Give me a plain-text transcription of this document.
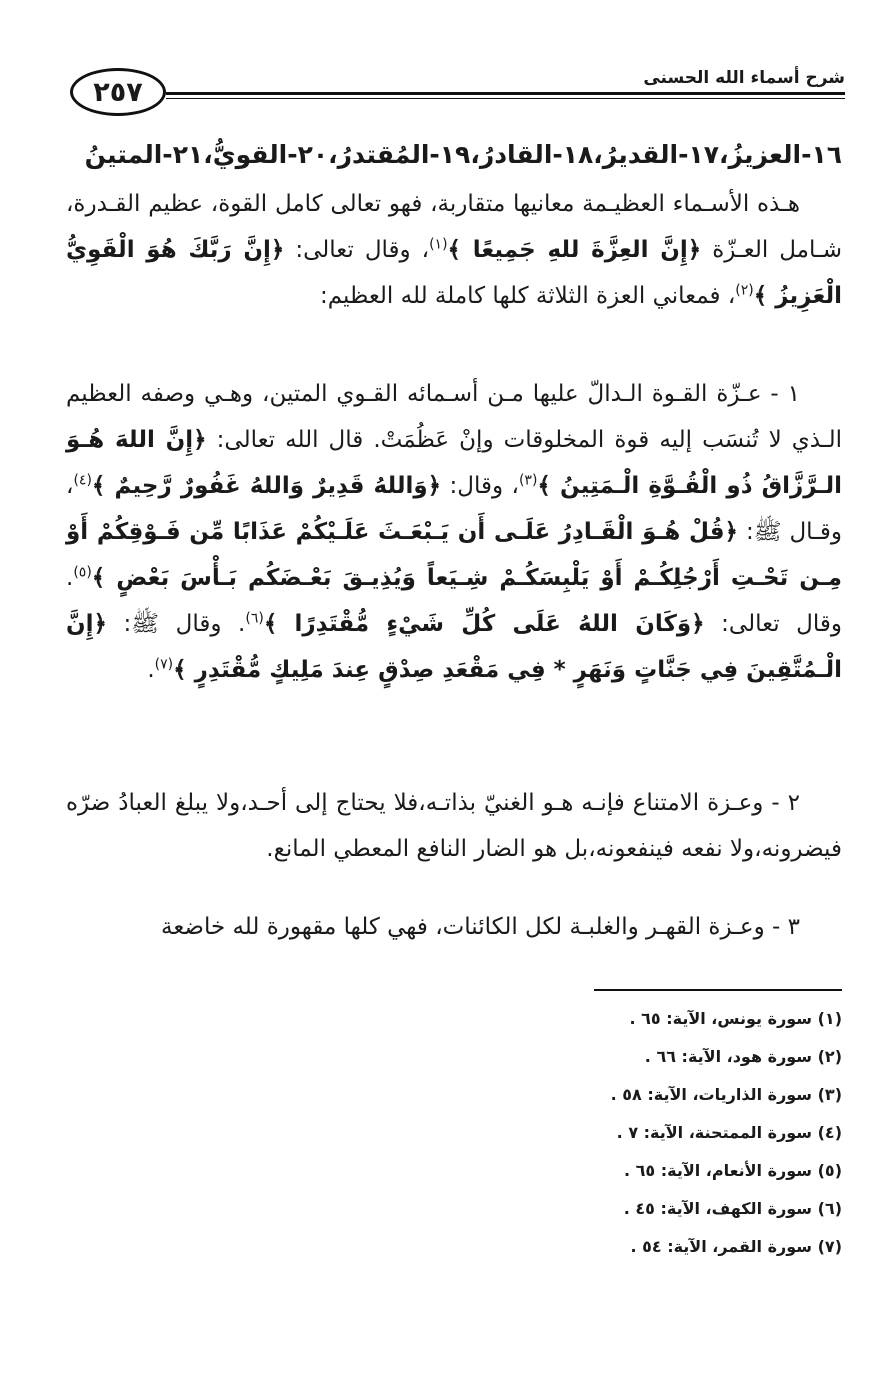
٢٥٧	شرح أسماء الله الحسنى
١٦-العزيزُ،١٧-القديرُ،١٨-القادرُ،١٩-المُقتدرُ،٢٠-القويُّ،٢١-المتينُ

هـذه الأسـماء العظيـمة معانيها متقاربة، فهو تعالى كامل القوة، عظيم القـدرة، شـامل العـزّة ﴿إِنَّ العِزَّةَ للهِ جَمِيعًا ﴾$^{(١)}$، وقال تعالى: ﴿إِنَّ رَبَّكَ هُوَ الْقَوِيُّ الْعَزِيزُ ﴾$^{(٢)}$، فمعاني العزة الثلاثة كلها كاملة لله العظيم:

١ - عـزّة القـوة الـدالّ عليها مـن أسـمائه القـوي المتين، وهـي وصفه العظيم الـذي لا تُنسَب إليه قوة المخلوقات وإنْ عَظُمَتْ. قال الله تعالى: ﴿إِنَّ اللهَ هُـوَ الـرَّزَّاقُ ذُو الْقُـوَّةِ الْـمَتِينُ ﴾$^{(٣)}$، وقال: ﴿وَاللهُ قَدِيرٌ وَاللهُ غَفُورٌ رَّحِيمٌ ﴾$^{(٤)}$، وقـال ﷺ: ﴿قُلْ هُـوَ الْقَـادِرُ عَلَـى أَن يَـبْعَـثَ عَلَـيْكُمْ عَذَابًا مِّن فَـوْقِكُمْ أَوْ مِـن تَحْـتِ أَرْجُلِكُـمْ أَوْ يَلْبِسَكُـمْ شِـيَعاً وَيُذِيـقَ بَعْـضَكُم بَـأْسَ بَعْضٍ ﴾$^{(٥)}$. وقال تعالى: ﴿وَكَانَ اللهُ عَلَى كُلِّ شَيْءٍ مُّقْتَدِرًا ﴾$^{(٦)}$. وقال ﷺ: ﴿إِنَّ الْـمُتَّقِينَ فِي جَنَّاتٍ وَنَهَرٍ * فِي مَقْعَدِ صِدْقٍ عِندَ مَلِيكٍ مُّقْتَدِرٍ ﴾$^{(٧)}$.

٢ - وعـزة الامتناع فإنـه هـو الغنيّ بذاتـه،فلا يحتاج إلى أحـد،ولا يبلغ العبادُ ضرّه فيضرونه،ولا نفعه فينفعونه،بل هو الضار النافع المعطي المانع.

٣ - وعـزة القهـر والغلبـة لكل الكائنات، فهي كلها مقهورة لله خاضعة

(١) سورة يونس، الآية: ٦٥ .
(٢) سورة هود، الآية: ٦٦ .
(٣) سورة الذاريات، الآية: ٥٨ .
(٤) سورة الممتحنة، الآية: ٧ .
(٥) سورة الأنعام، الآية: ٦٥ .
(٦) سورة الكهف، الآية: ٤٥ .
(٧) سورة القمر، الآية: ٥٤ .
